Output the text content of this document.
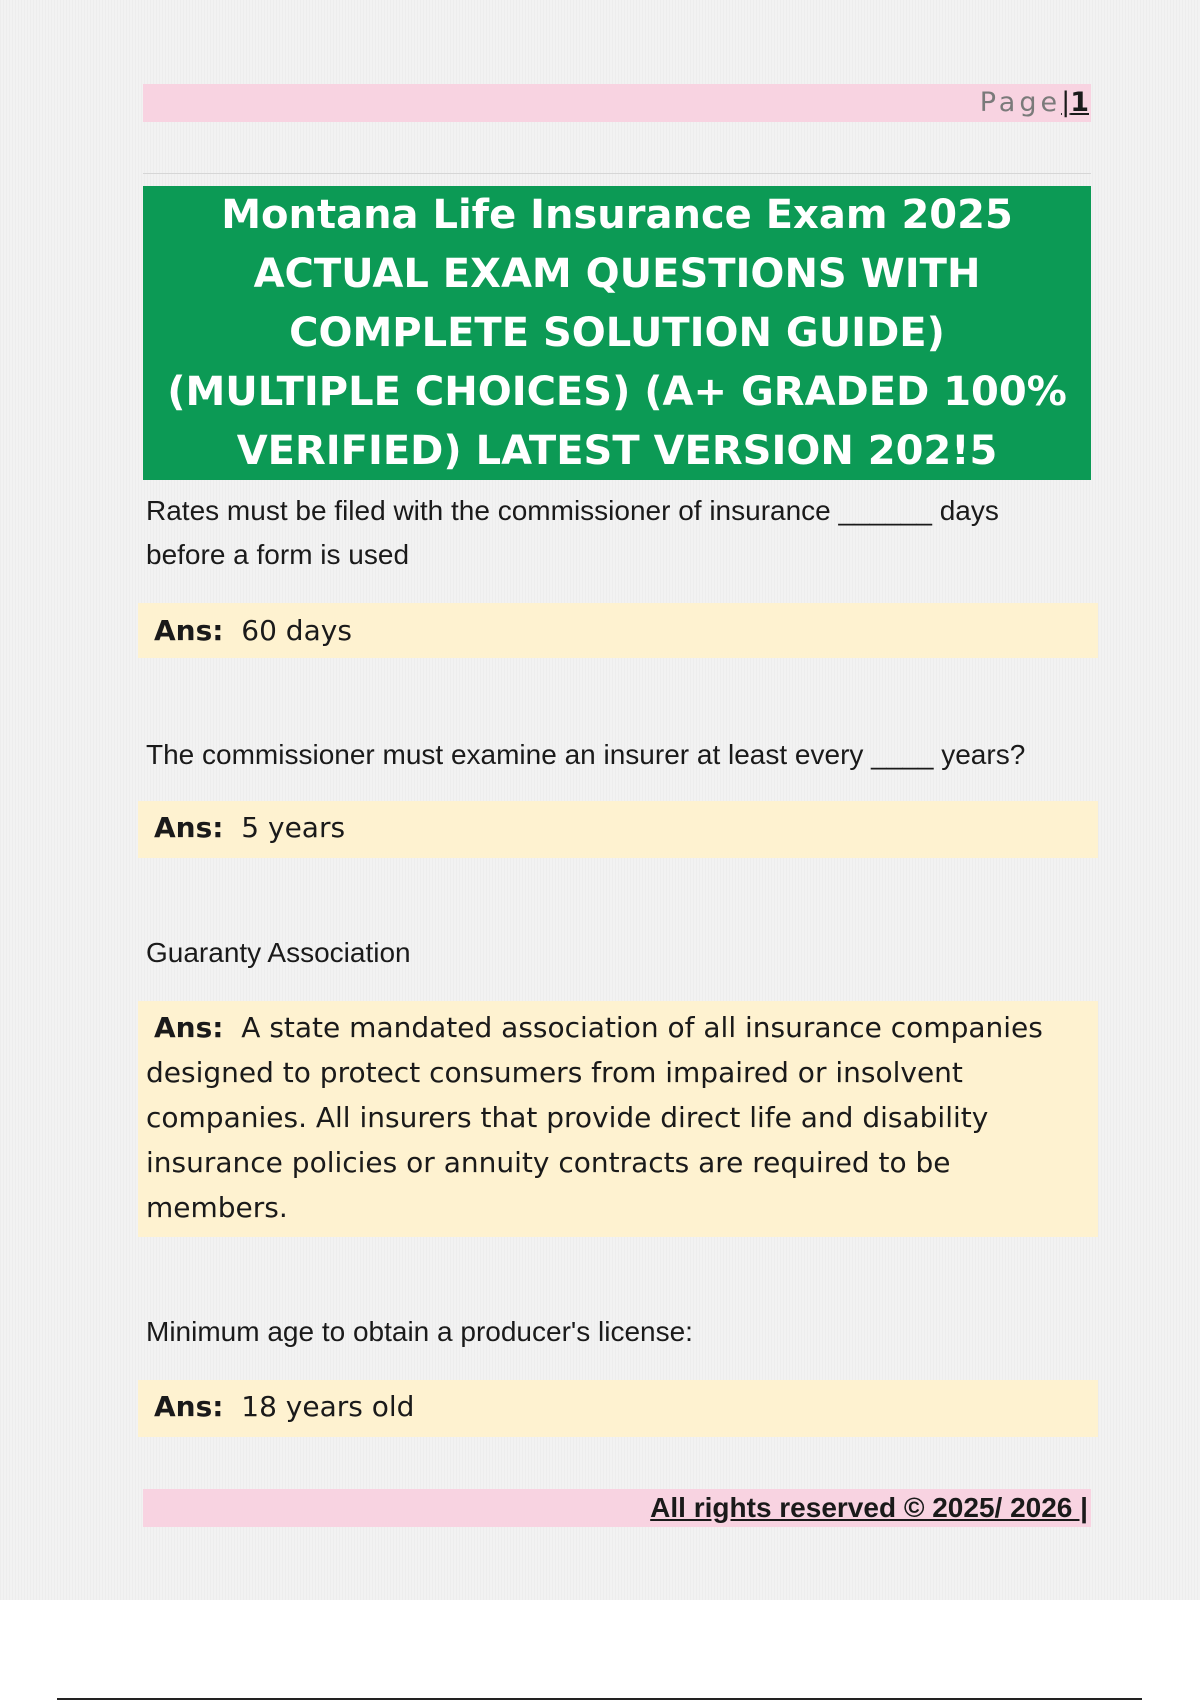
Page|1
Montana Life Insurance Exam 2025
ACTUAL EXAM QUESTIONS WITH
COMPLETE SOLUTION GUIDE)
(MULTIPLE CHOICES) (A+ GRADED 100%
VERIFIED) LATEST VERSION 202!5
Rates must be filed with the commissioner of insurance ______ days
before a form is used
Ans: 60 days
The commissioner must examine an insurer at least every ____ years?
Ans: 5 years
Guaranty Association
Ans: A state mandated association of all insurance companies
designed to protect consumers from impaired or insolvent
companies. All insurers that provide direct life and disability
insurance policies or annuity contracts are required to be
members.
Minimum age to obtain a producer's license:
Ans: 18 years old
All rights reserved © 2025/ 2026 |
